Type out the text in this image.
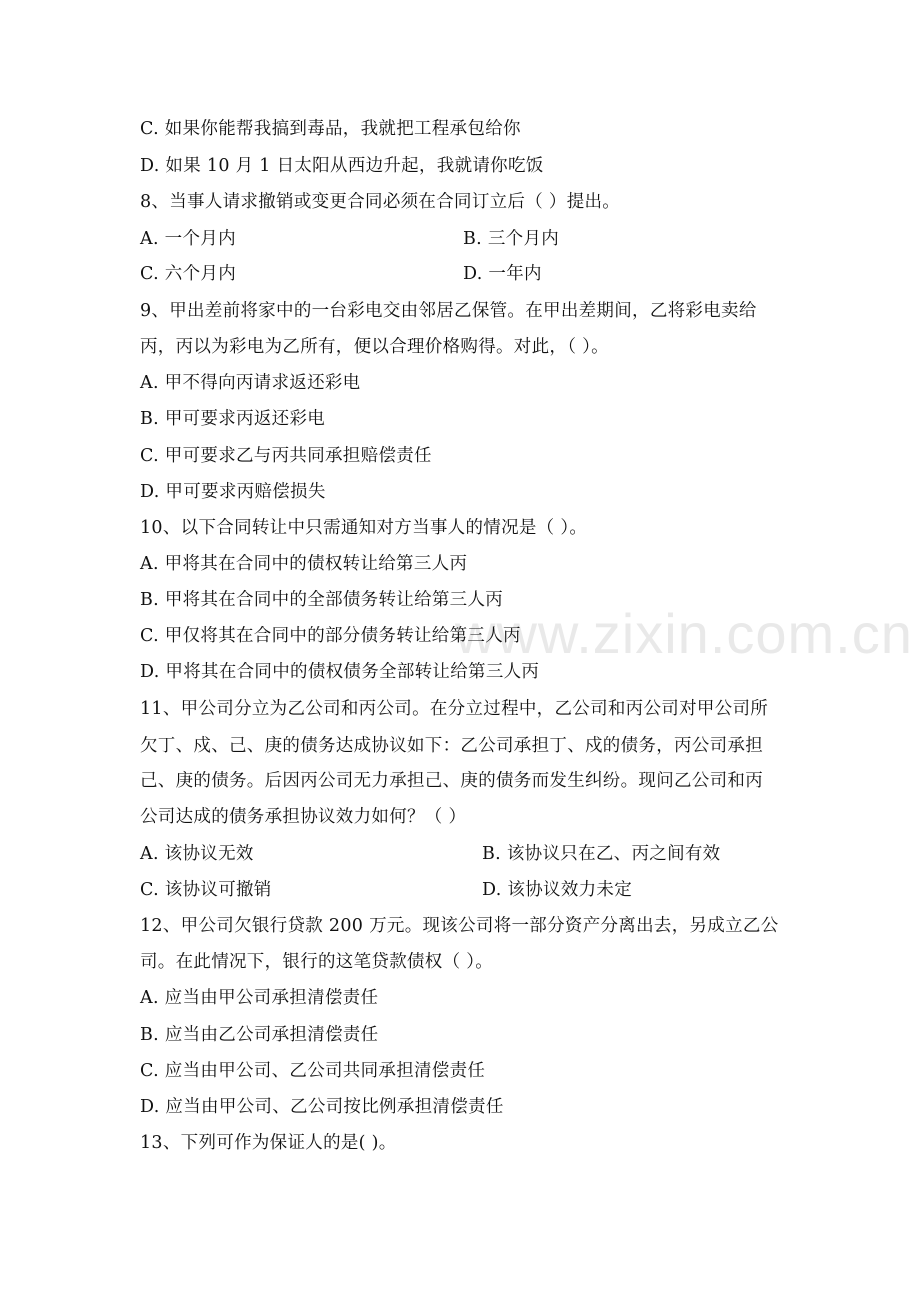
www.zixin.com.cn
C. 如果你能帮我搞到毒品，我就把工程承包给你
D. 如果 10 月 1 日太阳从西边升起，我就请你吃饭
8、当事人请求撤销或变更合同必须在合同订立后（ ）提出。
A. 一个月内	B. 三个月内
C. 六个月内	D. 一年内
9、甲出差前将家中的一台彩电交由邻居乙保管。在甲出差期间，乙将彩电卖给
丙，丙以为彩电为乙所有，便以合理价格购得。对此，（ ）。
A. 甲不得向丙请求返还彩电
B. 甲可要求丙返还彩电
C. 甲可要求乙与丙共同承担赔偿责任
D. 甲可要求丙赔偿损失
10、以下合同转让中只需通知对方当事人的情况是（ ）。
A. 甲将其在合同中的债权转让给第三人丙
B. 甲将其在合同中的全部债务转让给第三人丙
C. 甲仅将其在合同中的部分债务转让给第三人丙
D. 甲将其在合同中的债权债务全部转让给第三人丙
11、甲公司分立为乙公司和丙公司。在分立过程中，乙公司和丙公司对甲公司所
欠丁、戍、己、庚的债务达成协议如下：乙公司承担丁、戍的债务，丙公司承担
己、庚的债务。后因丙公司无力承担己、庚的债务而发生纠纷。现问乙公司和丙
公司达成的债务承担协议效力如何？（ ）
A. 该协议无效	B. 该协议只在乙、丙之间有效
C. 该协议可撤销	D. 该协议效力未定
12、甲公司欠银行贷款 200 万元。现该公司将一部分资产分离出去，另成立乙公
司。在此情况下，银行的这笔贷款债权（ ）。
A. 应当由甲公司承担清偿责任
B. 应当由乙公司承担清偿责任
C. 应当由甲公司、乙公司共同承担清偿责任
D. 应当由甲公司、乙公司按比例承担清偿责任
13、下列可作为保证人的是( )。
